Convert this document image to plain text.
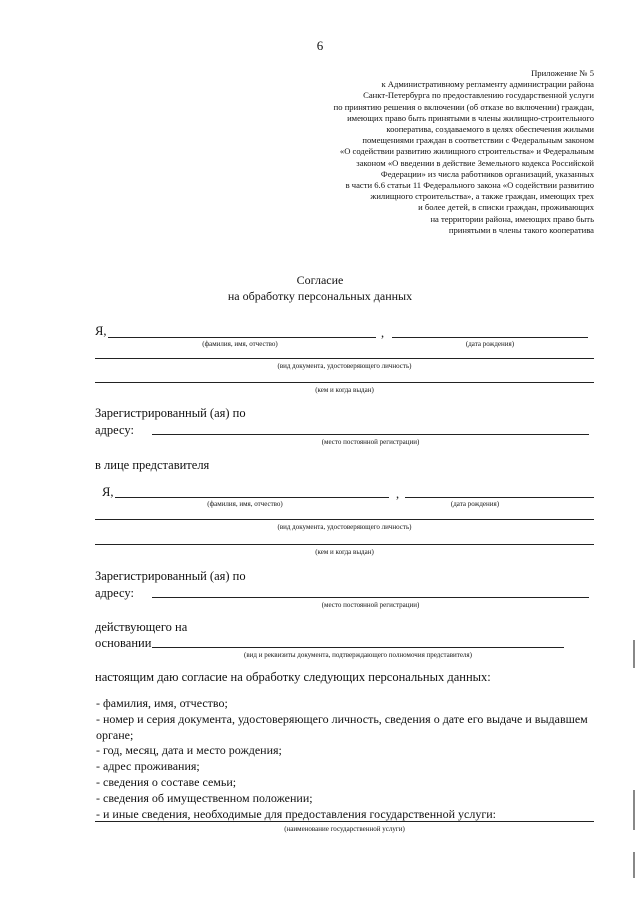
6
Приложение № 5
к Административному регламенту администрации района
Санкт-Петербурга по предоставлению государственной услуги
по принятию решения о включении (об отказе во включении) граждан,
имеющих право быть принятыми в члены жилищно-строительного
кооператива, создаваемого в целях обеспечения жилыми
помещениями граждан в соответствии с Федеральным законом
«О содействии развитию жилищного строительства» и Федеральным
законом «О введении в действие Земельного кодекса Российской
Федерации» из числа работников организаций, указанных
в части 6.6 статьи 11 Федерального закона «О содействии развитию
жилищного строительства», а также граждан, имеющих трех
и более детей, в списки граждан, проживающих
на территории района, имеющих право быть
принятыми в члены такого кооператива
Согласие
на обработку персональных данных
Я,	,
(фамилия, имя, отчество)	(дата рождения)
(вид документа, удостоверяющего личность)
(кем и когда выдан)
Зарегистрированный (ая) по
адресу:
(место постоянной регистрации)
в лице представителя
Я,	,
(фамилия, имя, отчество)	(дата рождения)
(вид документа, удостоверяющего личность)
(кем и когда выдан)
Зарегистрированный (ая) по
адресу:
(место постоянной регистрации)
действующего на
основании
(вид и реквизиты документа, подтверждающего полномочия представителя)
настоящим даю согласие на обработку следующих персональных данных:
- фамилия, имя, отчество;
- номер и серия документа, удостоверяющего личность, сведения о дате его выдаче и выдавшем
органе;
- год, месяц, дата и место рождения;
- адрес проживания;
- сведения о составе семьи;
- сведения об имущественном положении;
- и иные сведения, необходимые для предоставления государственной услуги:
(наименование государственной услуги)
